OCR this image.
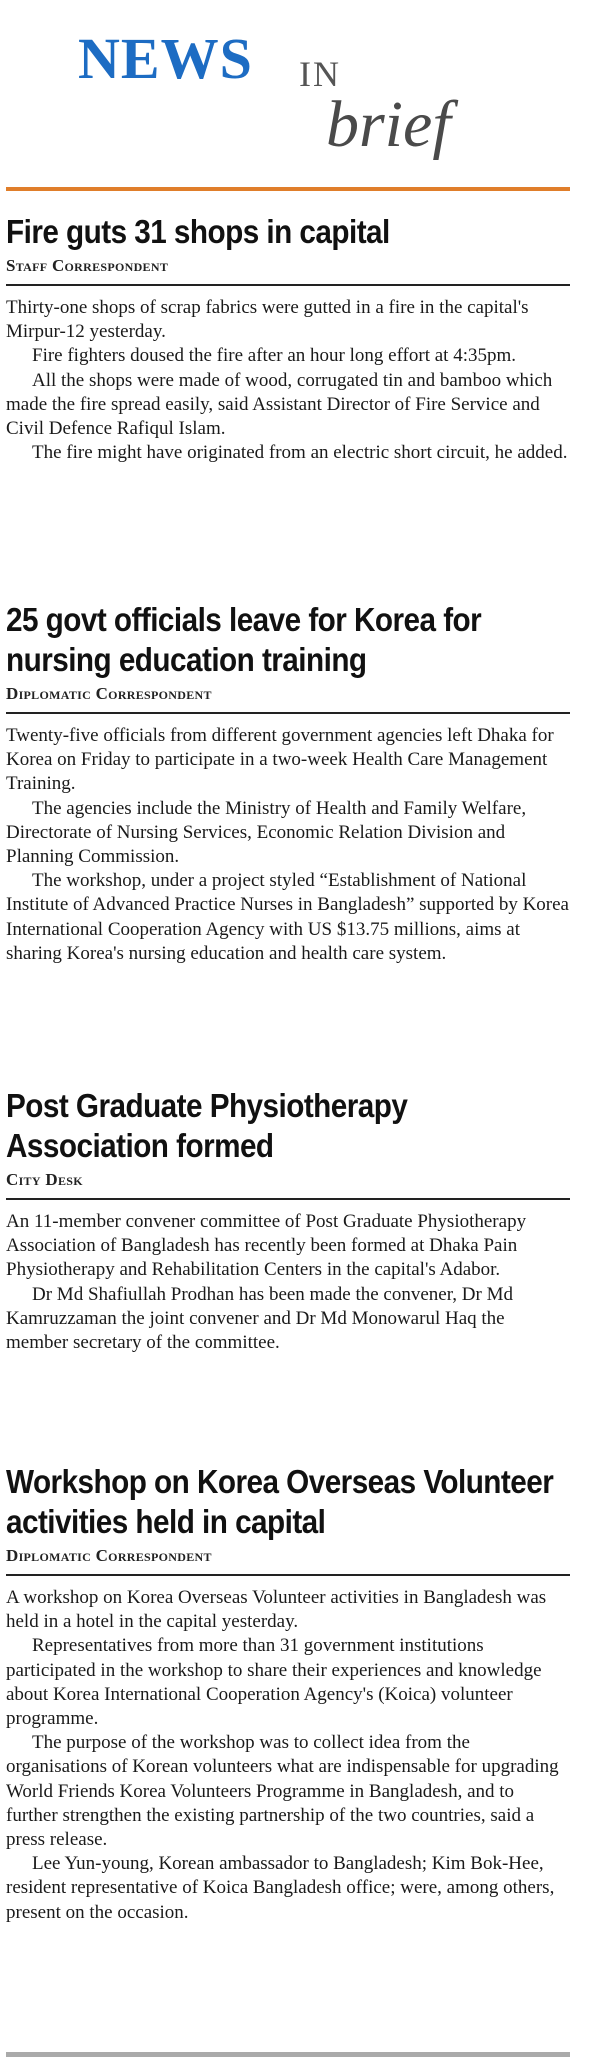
NEWS IN
brief
Fire guts 31 shops in capital
Staff Correspondent

Thirty-one shops of scrap fabrics were gutted in a fire in the capital's Mirpur-12 yesterday.

Fire fighters doused the fire after an hour long effort at 4:35pm.

All the shops were made of wood, corrugated tin and bamboo which made the fire spread easily, said Assistant Director of Fire Service and Civil Defence Rafiqul Islam.

The fire might have originated from an electric short circuit, he added.

25 govt officials leave for Korea for
nursing education training
Diplomatic Correspondent

Twenty-five officials from different government agencies left Dhaka for Korea on Friday to participate in a two-week Health Care Management Training.

The agencies include the Ministry of Health and Family Welfare, Directorate of Nursing Services, Economic Relation Division and Planning Commission.

The workshop, under a project styled “Establishment of National Institute of Advanced Practice Nurses in Bangladesh” supported by Korea International Cooperation Agency with US $13.75 millions, aims at sharing Korea's nursing education and health care system.

Post Graduate Physiotherapy
Association formed
City Desk

An 11-member convener committee of Post Graduate Physiotherapy Association of Bangladesh has recently been formed at Dhaka Pain Physiotherapy and Rehabilitation Centers in the capital's Adabor.

Dr Md Shafiullah Prodhan has been made the convener, Dr Md Kamruzzaman the joint convener and Dr Md Monowarul Haq the member secretary of the committee.

Workshop on Korea Overseas Volunteer
activities held in capital
Diplomatic Correspondent

A workshop on Korea Overseas Volunteer activities in Bangladesh was held in a hotel in the capital yesterday.

Representatives from more than 31 government institutions participated in the workshop to share their experiences and knowledge about Korea International Cooperation Agency's (Koica) volunteer programme.

The purpose of the workshop was to collect idea from the organisations of Korean volunteers what are indispensable for upgrading World Friends Korea Volunteers Programme in Bangladesh, and to further strengthen the existing partnership of the two countries, said a press release.

Lee Yun-young, Korean ambassador to Bangladesh; Kim Bok-Hee, resident representative of Koica Bangladesh office; were, among others, present on the occasion.
